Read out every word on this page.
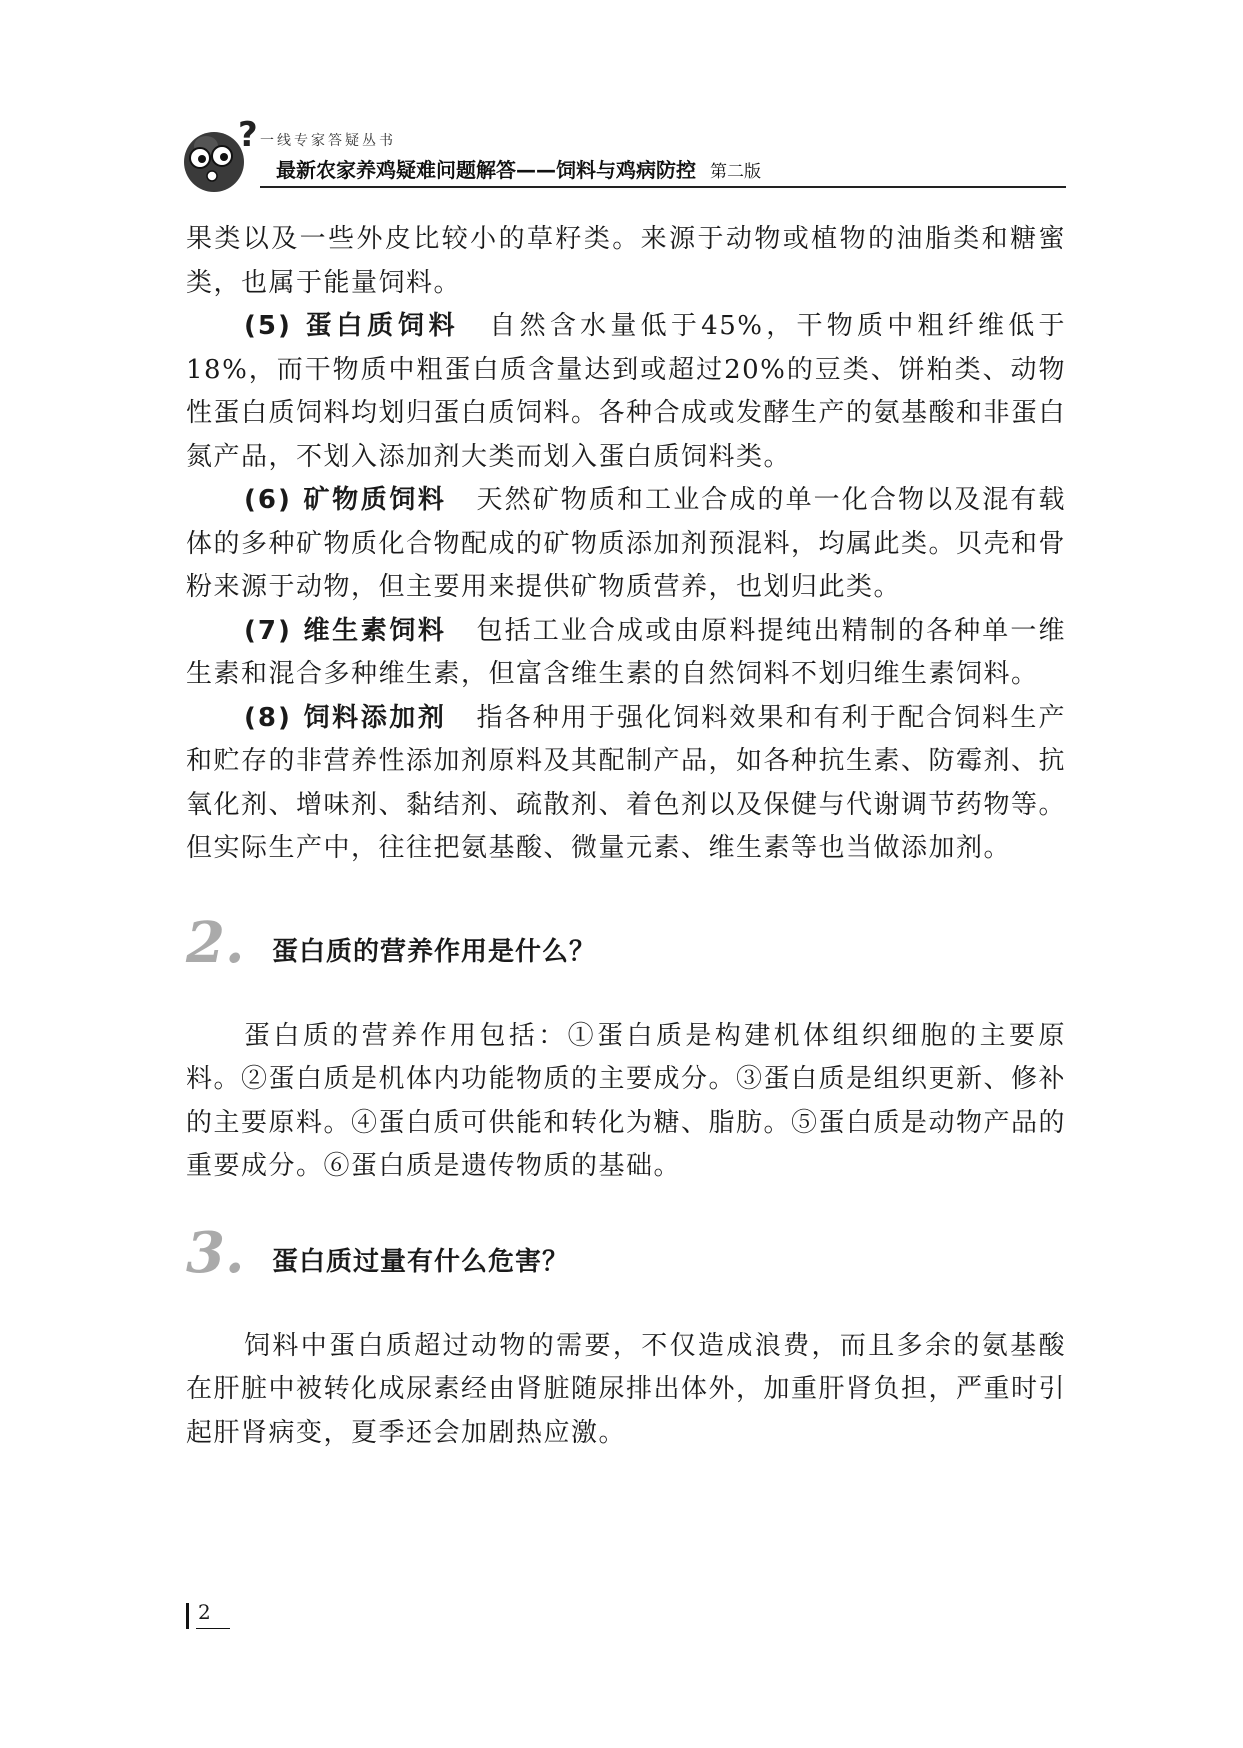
? 一线专家答疑丛书
最新农家养鸡疑难问题解答——饲料与鸡病防控 第二版

果类以及一些外皮比较小的草籽类。来源于动物或植物的油脂类和糖蜜类，也属于能量饲料。

(5) 蛋白质饲料 自然含水量低于45%，干物质中粗纤维低于18%，而干物质中粗蛋白质含量达到或超过20%的豆类、饼粕类、动物性蛋白质饲料均划归蛋白质饲料。各种合成或发酵生产的氨基酸和非蛋白氮产品，不划入添加剂大类而划入蛋白质饲料类。

(6) 矿物质饲料 天然矿物质和工业合成的单一化合物以及混有载体的多种矿物质化合物配成的矿物质添加剂预混料，均属此类。贝壳和骨粉来源于动物，但主要用来提供矿物质营养，也划归此类。

(7) 维生素饲料 包括工业合成或由原料提纯出精制的各种单一维生素和混合多种维生素，但富含维生素的自然饲料不划归维生素饲料。

(8) 饲料添加剂 指各种用于强化饲料效果和有利于配合饲料生产和贮存的非营养性添加剂原料及其配制产品，如各种抗生素、防霉剂、抗氧化剂、增味剂、黏结剂、疏散剂、着色剂以及保健与代谢调节药物等。但实际生产中，往往把氨基酸、微量元素、维生素等也当做添加剂。

2. 蛋白质的营养作用是什么？

蛋白质的营养作用包括：①蛋白质是构建机体组织细胞的主要原料。②蛋白质是机体内功能物质的主要成分。③蛋白质是组织更新、修补的主要原料。④蛋白质可供能和转化为糖、脂肪。⑤蛋白质是动物产品的重要成分。⑥蛋白质是遗传物质的基础。

3. 蛋白质过量有什么危害？

饲料中蛋白质超过动物的需要，不仅造成浪费，而且多余的氨基酸在肝脏中被转化成尿素经由肾脏随尿排出体外，加重肝肾负担，严重时引起肝肾病变，夏季还会加剧热应激。

2
